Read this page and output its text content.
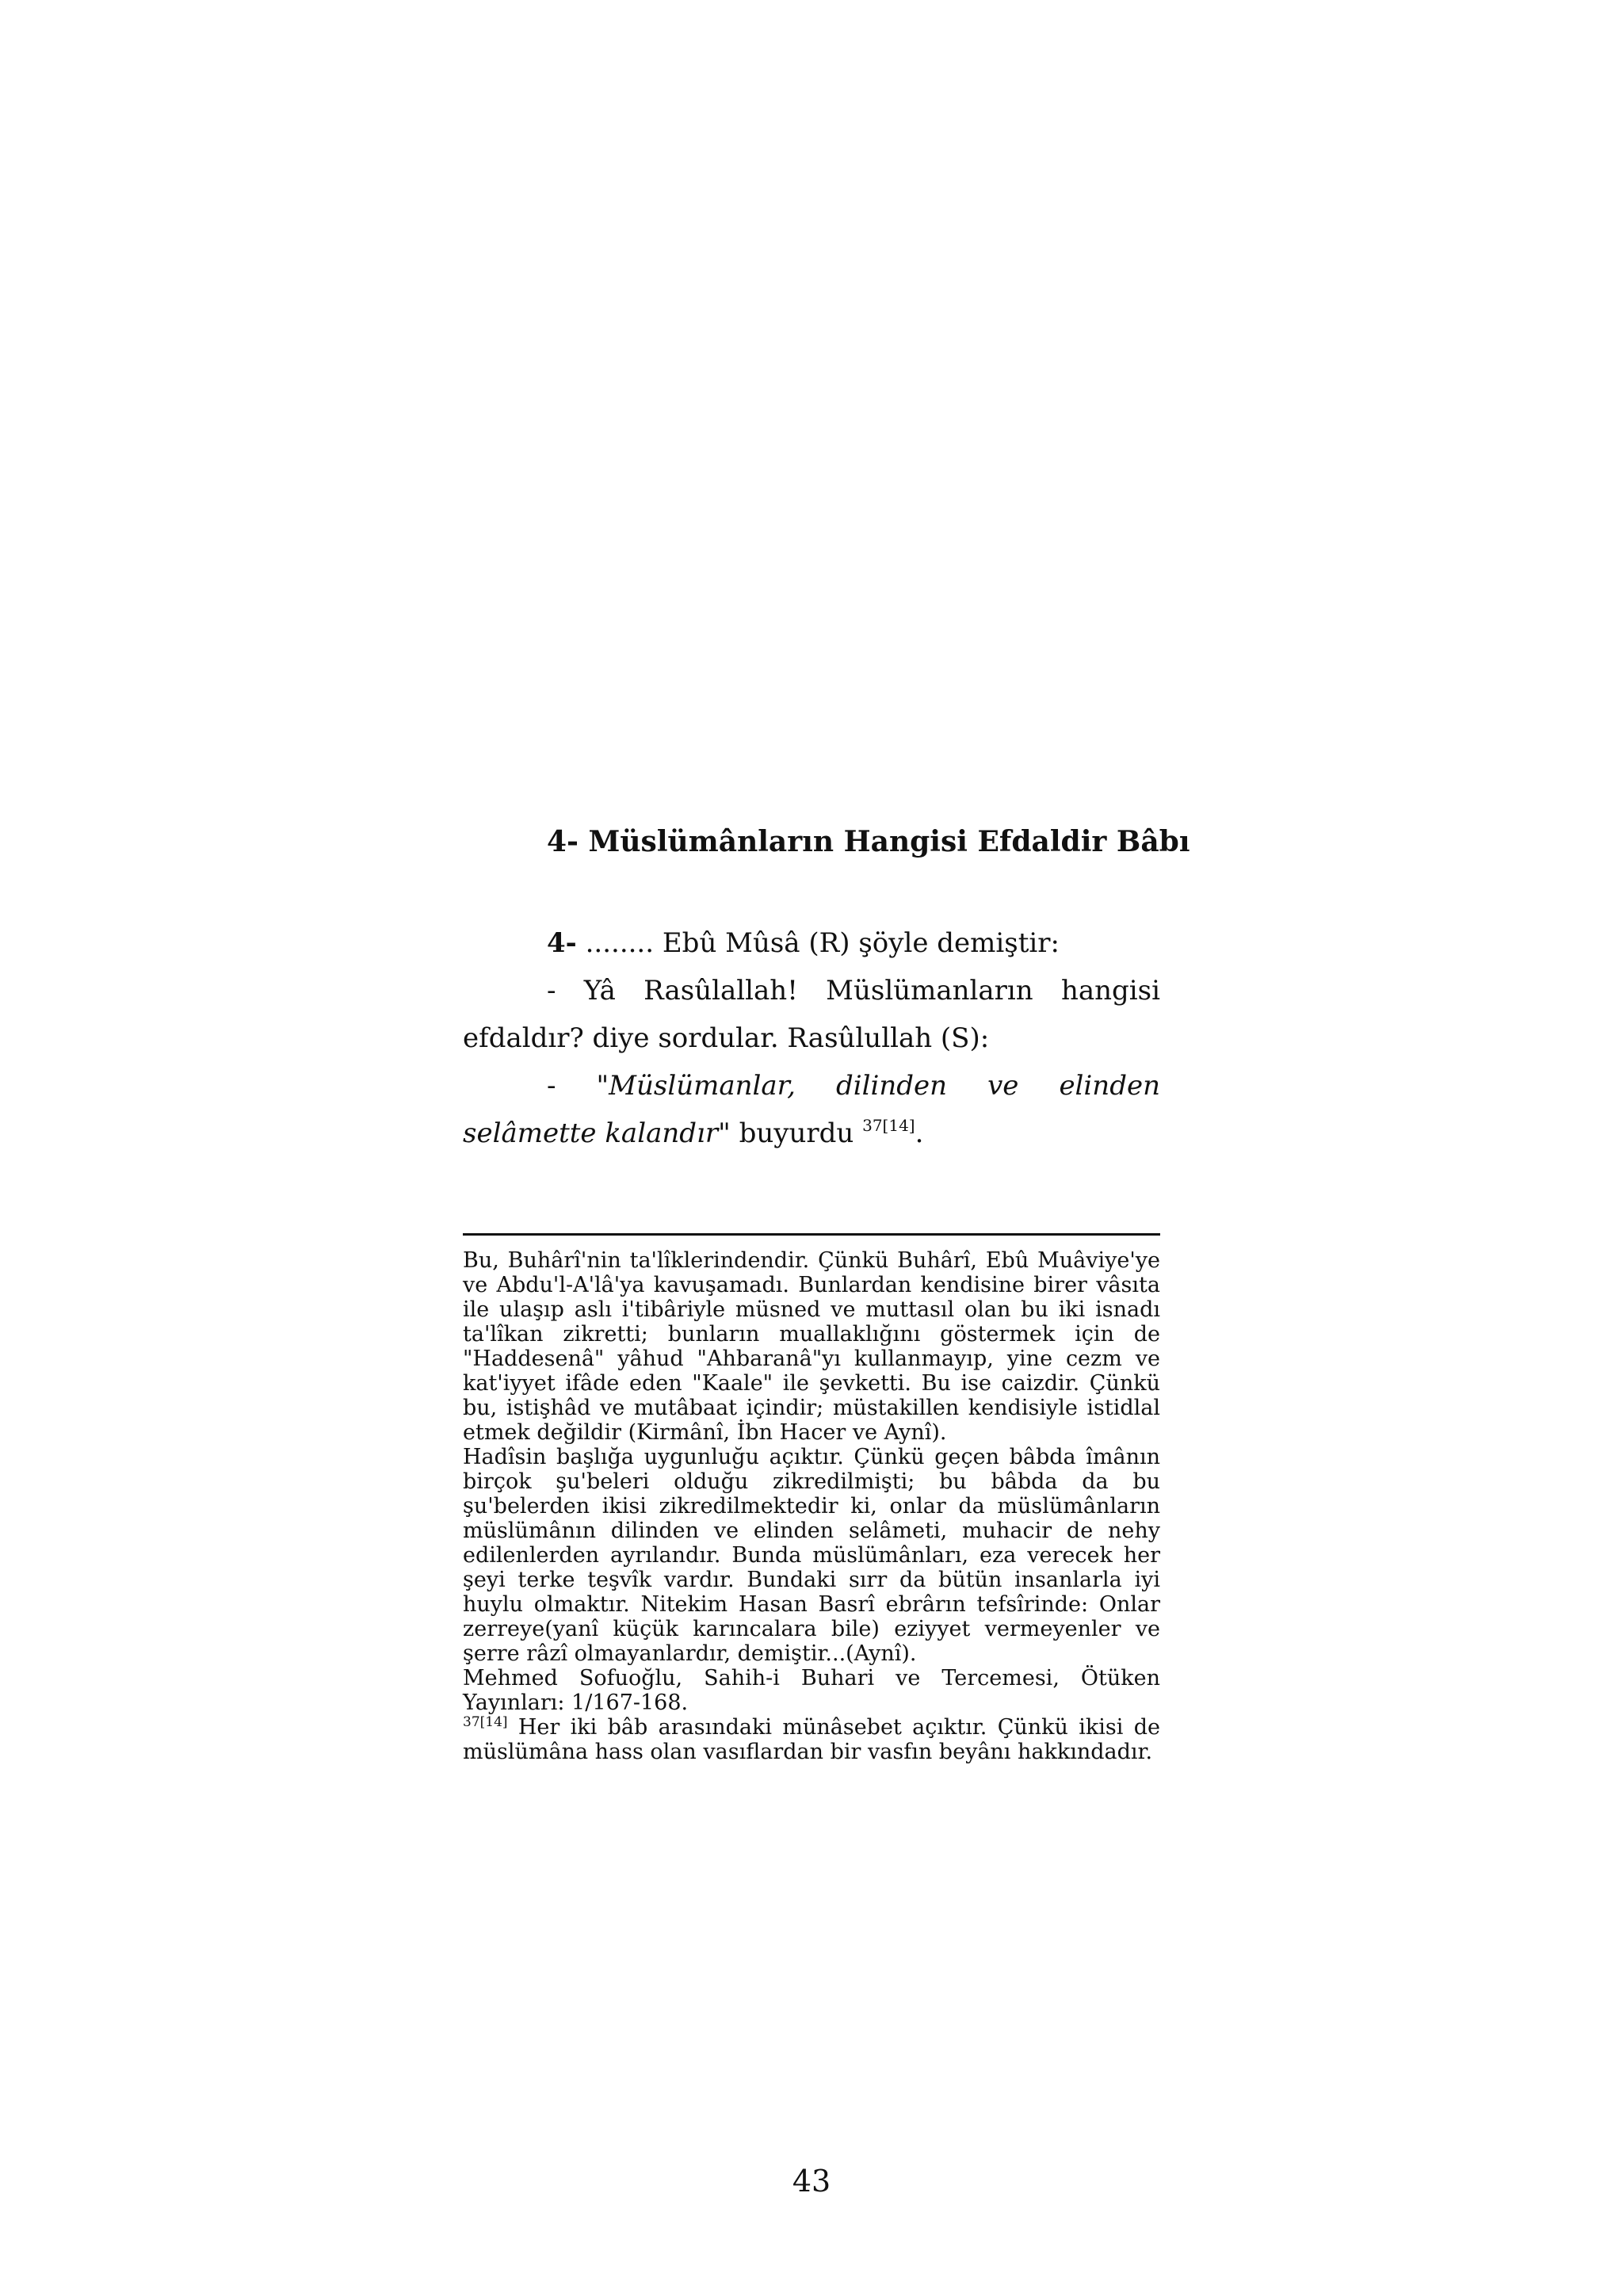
4- Müslümânların Hangisi Efdaldir Bâbı

4- ........ Ebû Mûsâ (R) şöyle demiştir:

- Yâ Rasûlallah! Müslümanların hangisi efdaldır? diye sordular. Rasûlullah (S):

- "Müslümanlar, dilinden ve elinden selâmette kalandır" buyurdu $^{37[14]}$.

Bu, Buhârî'nin ta'lîklerindendir. Çünkü Buhârî, Ebû Muâviye'ye ve Abdu'l-A'lâ'ya kavuşamadı. Bunlardan kendisine birer vâsıta ile ulaşıp aslı i'tibâriyle müsned ve muttasıl olan bu iki isnadı ta'lîkan zikretti; bunların muallaklığını göstermek için de "Haddesenâ" yâhud "Ahbaranâ"yı kullanmayıp, yine cezm ve kat'iyyet ifâde eden "Kaale" ile şevketti. Bu ise caizdir. Çünkü bu, istişhâd ve mutâbaat içindir; müstakillen kendisiyle istidlal etmek değildir (Kirmânî, İbn Hacer ve Aynî).

Hadîsin başlığa uygunluğu açıktır. Çünkü geçen bâbda îmânın birçok şu'beleri olduğu zikredilmişti; bu bâbda da bu şu'belerden ikisi zikredilmektedir ki, onlar da müslümânların müslümânın dilinden ve elinden selâmeti, muhacir de nehy edilenlerden ayrılandır. Bunda müslümânları, eza verecek her şeyi terke teşvîk vardır. Bundaki sırr da bütün insanlarla iyi huylu olmaktır. Nitekim Hasan Basrî ebrârın tefsîrinde: Onlar zerreye(yanî küçük karıncalara bile) eziyyet vermeyenler ve şerre râzî olmayanlardır, demiştir...(Aynî).

Mehmed Sofuoğlu, Sahih-i Buhari ve Tercemesi, Ötüken Yayınları: 1/167-168.

$^{37[14]}$ Her iki bâb arasındaki münâsebet açıktır. Çünkü ikisi de müslümâna hass olan vasıflardan bir vasfın beyânı hakkındadır.

43
